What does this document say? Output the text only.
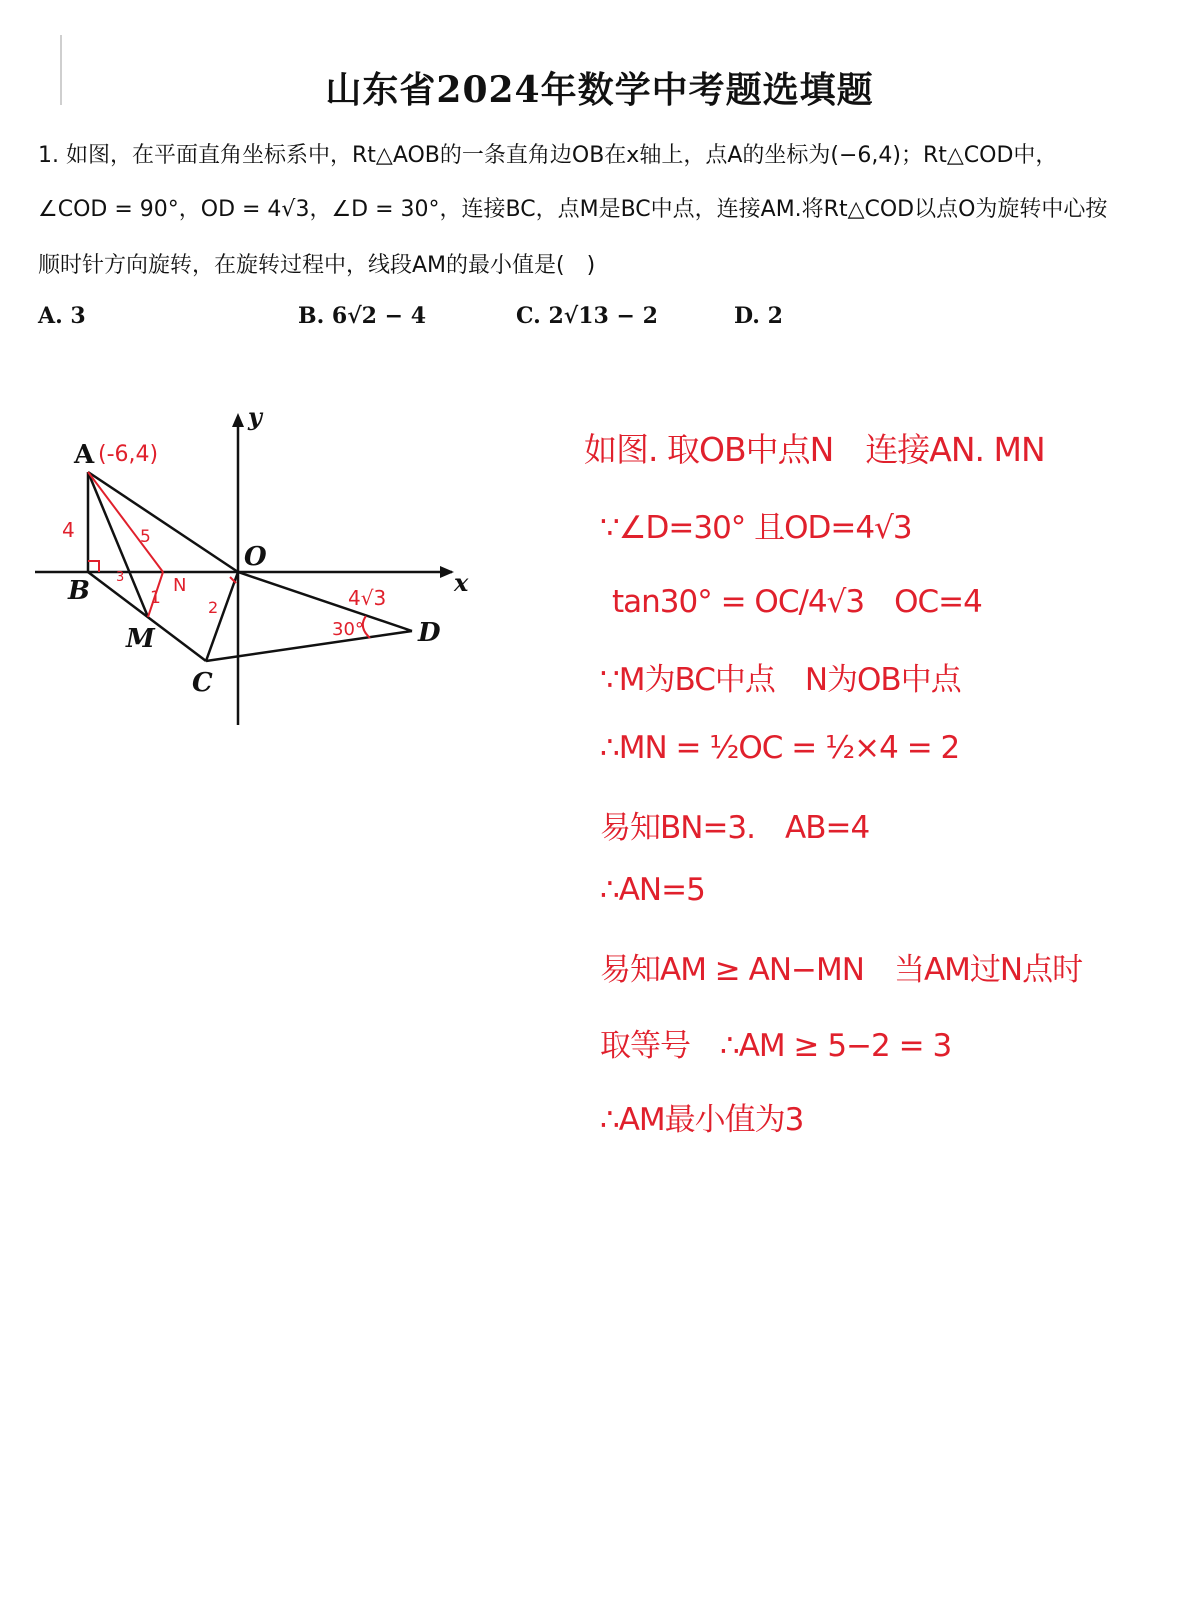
山东省2024年数学中考题选填题
1. 如图，在平面直角坐标系中，Rt△AOB的一条直角边OB在x轴上，点A的坐标为(−6,4)；Rt△COD中，
∠COD = 90°，OD = 4√3，∠D = 30°，连接BC，点M是BC中点，连接AM.将Rt△COD以点O为旋转中心按
顺时针方向旋转，在旋转过程中，线段AM的最小值是(　)
A. 3	B. 6√2 − 4	C. 2√13 − 2	D. 2
y
x
A
B
O
M
C
D
(-6,4)
4	5
N
3
1	2	4√3
30°
如图. 取OB中点N　连接AN. MN
∵∠D=30° 且OD=4√3
tan30° = OC/4√3　OC=4
∵M为BC中点　N为OB中点
∴MN = ½OC = ½×4 = 2
易知BN=3.　AB=4
∴AN=5
易知AM ≥ AN−MN　当AM过N点时
取等号　∴AM ≥ 5−2 = 3
∴AM最小值为3
